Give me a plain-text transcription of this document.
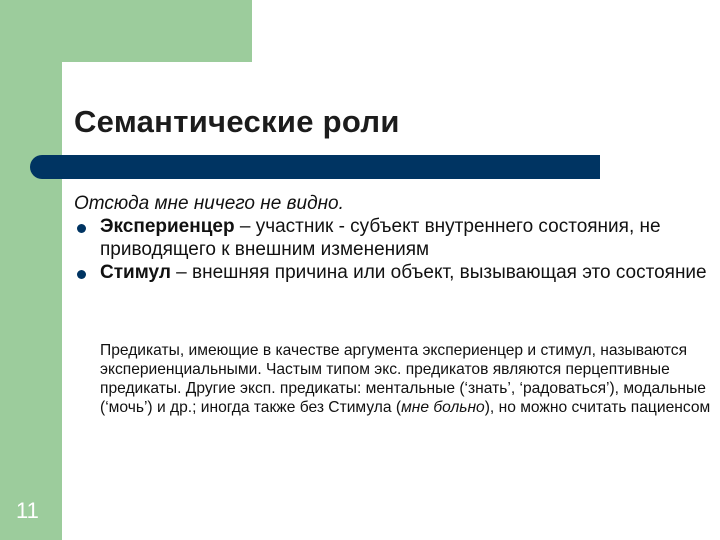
Семантические роли
Отсюда мне ничего не видно.
Экспериенцер – участник - субъект внутреннего состояния, не приводящего к внешним изменениям
Стимул – внешняя причина или объект, вызывающая это состояние
Предикаты, имеющие в качестве аргумента экспериенцер и стимул, называются экспериенциальными. Частым типом экс. предикатов являются перцептивные предикаты. Другие эксп. предикаты: ментальные (‘знать’, ‘радоваться’), модальные (‘мочь’) и др.; иногда также без Стимула (мне больно), но можно считать пациенсом
11
